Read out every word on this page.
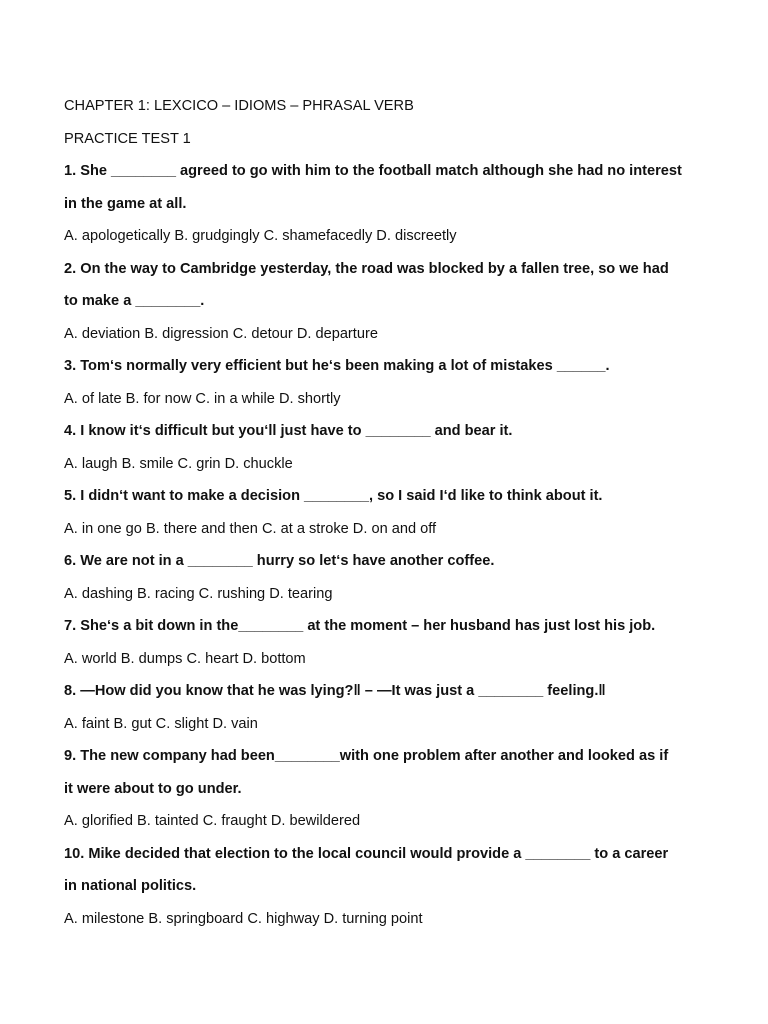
CHAPTER 1: LEXCICO – IDIOMS – PHRASAL VERB
PRACTICE TEST 1
1. She ________ agreed to go with him to the football match although she had no interest
in the game at all.
A. apologetically B. grudgingly C. shamefacedly D. discreetly
2. On the way to Cambridge yesterday, the road was blocked by a fallen tree, so we had
to make a ________.
A. deviation B. digression C. detour D. departure
3. Tom‘s normally very efficient but he‘s been making a lot of mistakes ______.
A. of late B. for now C. in a while D. shortly
4. I know it‘s difficult but you‘ll just have to ________ and bear it.
A. laugh B. smile C. grin D. chuckle
5. I didn‘t want to make a decision ________, so I said I‘d like to think about it.
A. in one go B. there and then C. at a stroke D. on and off
6. We are not in a ________ hurry so let‘s have another coffee.
A. dashing B. racing C. rushing D. tearing
7. She‘s a bit down in the________ at the moment – her husband has just lost his job.
A. world B. dumps C. heart D. bottom
8. ―How did you know that he was lying?‖ – ―It was just a ________ feeling.‖
A. faint B. gut C. slight D. vain
9. The new company had been________with one problem after another and looked as if
it were about to go under.
A. glorified B. tainted C. fraught D. bewildered
10. Mike decided that election to the local council would provide a ________ to a career
in national politics.
A. milestone B. springboard C. highway D. turning point
